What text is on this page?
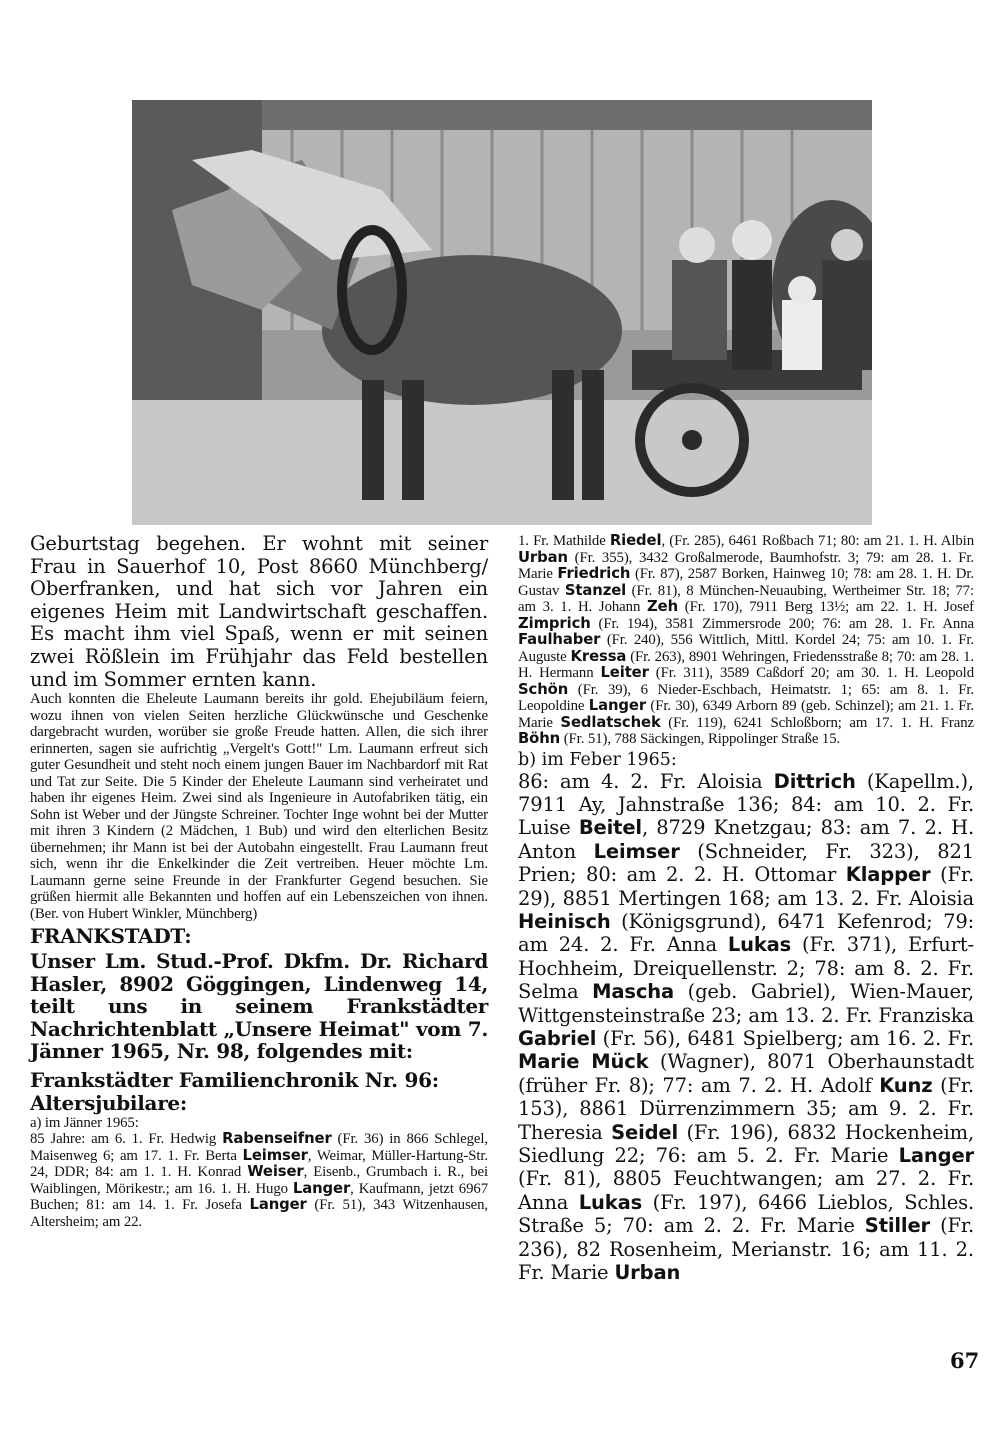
Geburtstag begehen. Er wohnt mit seiner Frau in Sauerhof 10, Post 8660 Münchberg/ Oberfranken, und hat sich vor Jahren ein eigenes Heim mit Landwirtschaft geschaffen. Es macht ihm viel Spaß, wenn er mit seinen zwei Rößlein im Frühjahr das Feld bestellen und im Sommer ernten kann.

Auch konnten die Eheleute Laumann bereits ihr gold. Ehejubiläum feiern, wozu ihnen von vielen Seiten herzliche Glückwünsche und Geschenke dargebracht wurden, worüber sie große Freude hatten. Allen, die sich ihrer erinnerten, sagen sie aufrichtig „Vergelt's Gott!" Lm. Laumann erfreut sich guter Gesundheit und steht noch einem jungen Bauer im Nachbardorf mit Rat und Tat zur Seite. Die 5 Kinder der Eheleute Laumann sind verheiratet und haben ihr eigenes Heim. Zwei sind als Ingenieure in Autofabriken tätig, ein Sohn ist Weber und der Jüngste Schreiner. Tochter Inge wohnt bei der Mutter mit ihren 3 Kindern (2 Mädchen, 1 Bub) und wird den elterlichen Besitz übernehmen; ihr Mann ist bei der Autobahn eingestellt. Frau Laumann freut sich, wenn ihr die Enkelkinder die Zeit vertreiben. Heuer möchte Lm. Laumann gerne seine Freunde in der Frankfurter Gegend besuchen. Sie grüßen hiermit alle Bekannten und hoffen auf ein Lebenszeichen von ihnen. (Ber. von Hubert Winkler, Münchberg)

FRANKSTADT:

Unser Lm. Stud.-Prof. Dkfm. Dr. Richard Hasler, 8902 Göggingen, Lindenweg 14, teilt uns in seinem Frankstädter Nachrichtenblatt „Unsere Heimat" vom 7. Jänner 1965, Nr. 98, folgendes mit:

Frankstädter Familienchronik Nr. 96:

Altersjubilare:

a) im Jänner 1965:

85 Jahre: am 6. 1. Fr. Hedwig Rabenseifner (Fr. 36) in 866 Schlegel, Maisenweg 6; am 17. 1. Fr. Berta Leimser, Weimar, Müller-Hartung-Str. 24, DDR; 84: am 1. 1. H. Konrad Weiser, Eisenb., Grumbach i. R., bei Waiblingen, Mörikestr.; am 16. 1. H. Hugo Langer, Kaufmann, jetzt 6967 Buchen; 81: am 14. 1. Fr. Josefa Langer (Fr. 51), 343 Witzenhausen, Altersheim; am 22.

1. Fr. Mathilde Riedel, (Fr. 285), 6461 Roßbach 71; 80: am 21. 1. H. Albin Urban (Fr. 355), 3432 Großalmerode, Baumhofstr. 3; 79: am 28. 1. Fr. Marie Friedrich (Fr. 87), 2587 Borken, Hainweg 10; 78: am 28. 1. H. Dr. Gustav Stanzel (Fr. 81), 8 München-Neuaubing, Wertheimer Str. 18; 77: am 3. 1. H. Johann Zeh (Fr. 170), 7911 Berg 13½; am 22. 1. H. Josef Zimprich (Fr. 194), 3581 Zimmersrode 200; 76: am 28. 1. Fr. Anna Faulhaber (Fr. 240), 556 Wittlich, Mittl. Kordel 24; 75: am 10. 1. Fr. Auguste Kressa (Fr. 263), 8901 Wehringen, Friedensstraße 8; 70: am 28. 1. H. Hermann Leiter (Fr. 311), 3589 Caßdorf 20; am 30. 1. H. Leopold Schön (Fr. 39), 6 Nieder-Eschbach, Heimatstr. 1; 65: am 8. 1. Fr. Leopoldine Langer (Fr. 30), 6349 Arborn 89 (geb. Schinzel); am 21. 1. Fr. Marie Sedlatschek (Fr. 119), 6241 Schloßborn; am 17. 1. H. Franz Böhn (Fr. 51), 788 Säckingen, Rippolinger Straße 15.

b) im Feber 1965:

86: am 4. 2. Fr. Aloisia Dittrich (Kapellm.), 7911 Ay, Jahnstraße 136; 84: am 10. 2. Fr. Luise Beitel, 8729 Knetzgau; 83: am 7. 2. H. Anton Leimser (Schneider, Fr. 323), 821 Prien; 80: am 2. 2. H. Ottomar Klapper (Fr. 29), 8851 Mertingen 168; am 13. 2. Fr. Aloisia Heinisch (Königsgrund), 6471 Kefenrod; 79: am 24. 2. Fr. Anna Lukas (Fr. 371), Erfurt-Hochheim, Dreiquellenstr. 2; 78: am 8. 2. Fr. Selma Mascha (geb. Gabriel), Wien-Mauer, Wittgensteinstraße 23; am 13. 2. Fr. Franziska Gabriel (Fr. 56), 6481 Spielberg; am 16. 2. Fr. Marie Mück (Wagner), 8071 Oberhaunstadt (früher Fr. 8); 77: am 7. 2. H. Adolf Kunz (Fr. 153), 8861 Dürrenzimmern 35; am 9. 2. Fr. Theresia Seidel (Fr. 196), 6832 Hockenheim, Siedlung 22; 76: am 5. 2. Fr. Marie Langer (Fr. 81), 8805 Feuchtwangen; am 27. 2. Fr. Anna Lukas (Fr. 197), 6466 Lieblos, Schles. Straße 5; 70: am 2. 2. Fr. Marie Stiller (Fr. 236), 82 Rosenheim, Merianstr. 16; am 11. 2. Fr. Marie Urban

67
